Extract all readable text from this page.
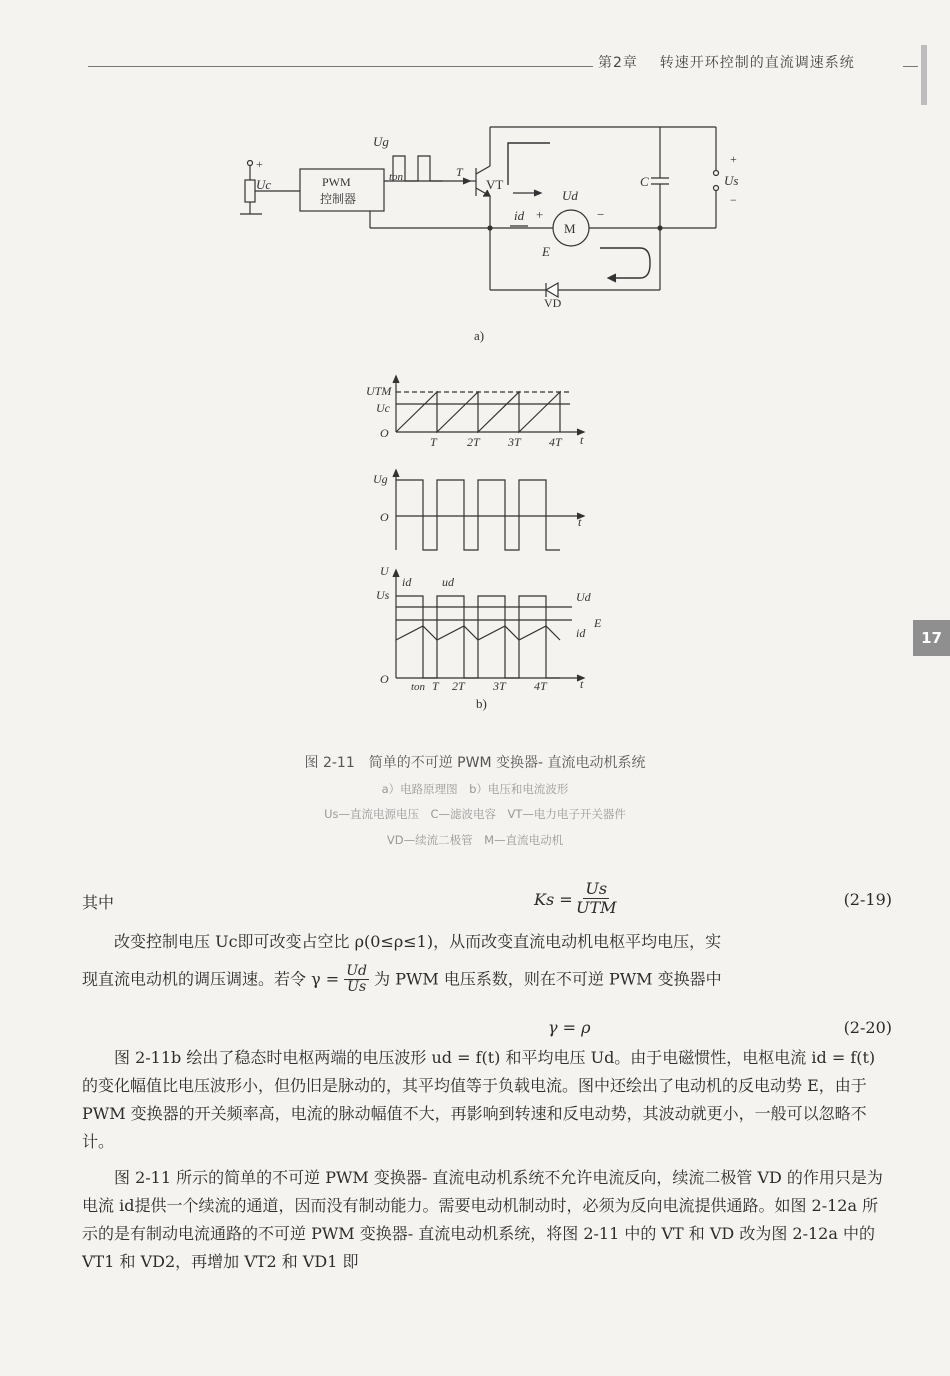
第2章 转速开环控制的直流调速系统
17
Ug
+
Uc	PWM
控制器
ton	T
VT
Ud
id +	−
M
E
C
+
Us
−
VD
a)
UTM
Uc
O	t
T	2T 3T 4T
Ug
O	t
U
Us
id	ud
Ud
E
id
O	t
ton T 2T 3T 4T
b)
图 2-11　简单的不可逆 PWM 变换器- 直流电动机系统
a）电路原理图　b）电压和电流波形
Us—直流电源电压　C—滤波电容　VT—电力电子开关器件
VD—续流二极管　M—直流电动机
其中	Ks =
Us
UTM	(2-19)

改变控制电压 Uc即可改变占空比 ρ(0≤ρ≤1)，从而改变直流电动机电枢平均电压，实

现直流电动机的调压调速。若令 $\gamma = \frac{Ud}{Us}$ 为 PWM 电压系数，则在不可逆 PWM 变换器中

γ = ρ	(2-20)
图 2-11b 绘出了稳态时电枢两端的电压波形 ud = f(t) 和平均电压 Ud。由于电磁惯性，电枢电流 id = f(t) 的变化幅值比电压波形小，但仍旧是脉动的，其平均值等于负载电流。图中还绘出了电动机的反电动势 E，由于 PWM 变换器的开关频率高，电流的脉动幅值不大，再影响到转速和反电动势，其波动就更小，一般可以忽略不计。
图 2-11 所示的简单的不可逆 PWM 变换器- 直流电动机系统不允许电流反向，续流二极管 VD 的作用只是为电流 id提供一个续流的通道，因而没有制动能力。需要电动机制动时，必须为反向电流提供通路。如图 2-12a 所示的是有制动电流通路的不可逆 PWM 变换器- 直流电动机系统，将图 2-11 中的 VT 和 VD 改为图 2-12a 中的 VT1 和 VD2，再增加 VT2 和 VD1 即
